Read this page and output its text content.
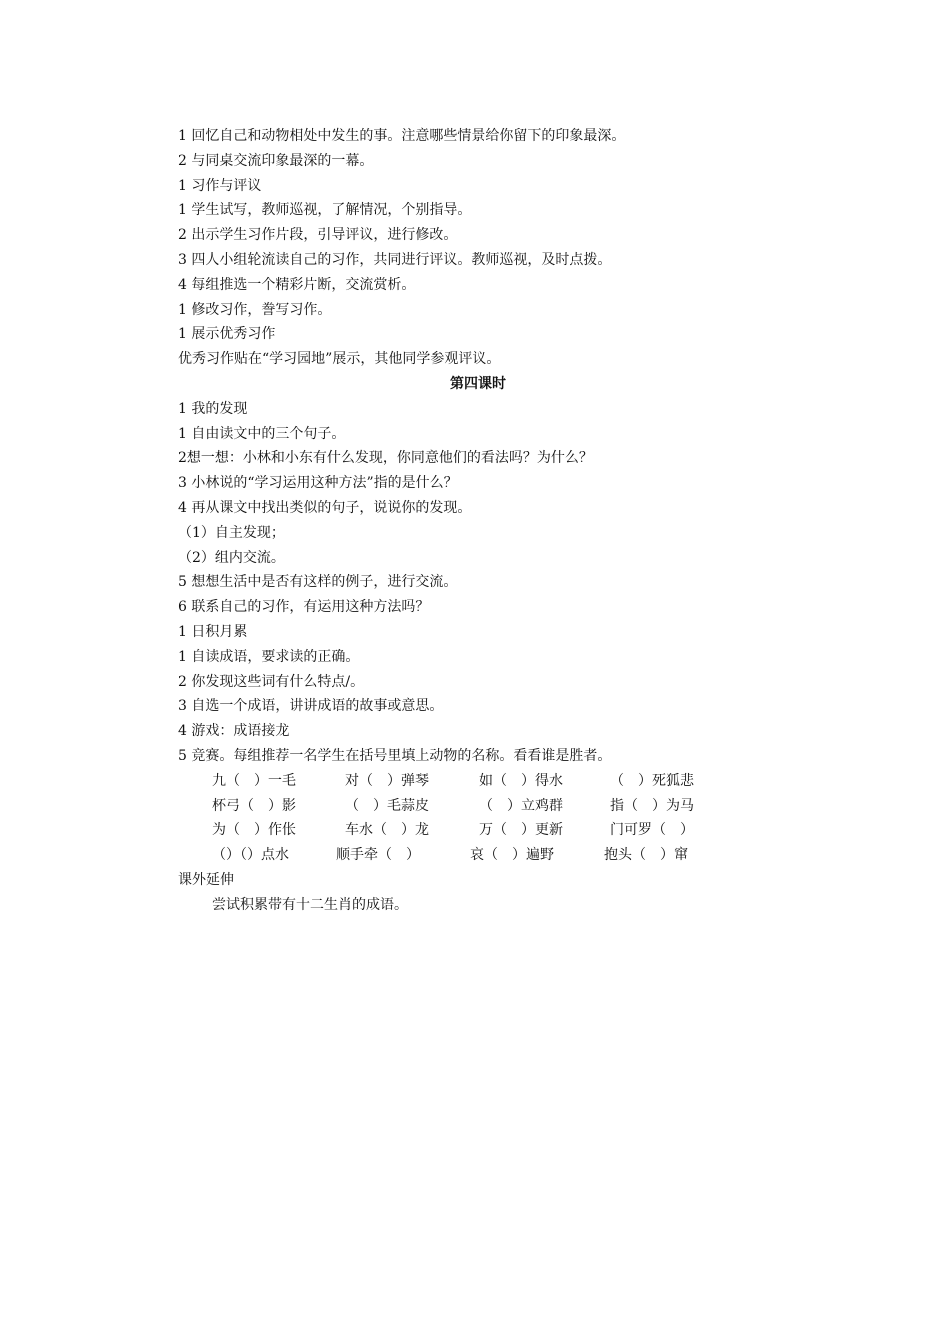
1 回忆自己和动物相处中发生的事。注意哪些情景给你留下的印象最深。
2 与同桌交流印象最深的一幕。
1 习作与评议
1 学生试写，教师巡视，了解情况，个别指导。
2 出示学生习作片段，引导评议，进行修改。
3 四人小组轮流读自己的习作，共同进行评议。教师巡视，及时点拨。
4 每组推选一个精彩片断，交流赏析。
1 修改习作，誊写习作。
1 展示优秀习作
优秀习作贴在“学习园地”展示，其他同学参观评议。
第四课时
1 我的发现
1 自由读文中的三个句子。
2想一想：小林和小东有什么发现，你同意他们的看法吗？为什么？
3 小林说的“学习运用这种方法”指的是什么？
4 再从课文中找出类似的句子，说说你的发现。
（1）自主发现；
（2）组内交流。
5 想想生活中是否有这样的例子，进行交流。
6 联系自己的习作，有运用这种方法吗？
1 日积月累
1 自读成语，要求读的正确。
2 你发现这些词有什么特点/。
3 自选一个成语，讲讲成语的故事或意思。
4 游戏：成语接龙
5 竞赛。每组推荐一名学生在括号里填上动物的名称。看看谁是胜者。
九（　）一毛	对（　）弹琴	如（　）得水	（　）死狐悲
杯弓（　）影	（　）毛蒜皮	（　）立鸡群	指（　）为马
为（　）作伥	车水（　）龙	万（　）更新	门可罗（　）
（）（）点水	顺手牵（　）	哀（　）遍野	抱头（　）窜
课外延伸
尝试积累带有十二生肖的成语。
